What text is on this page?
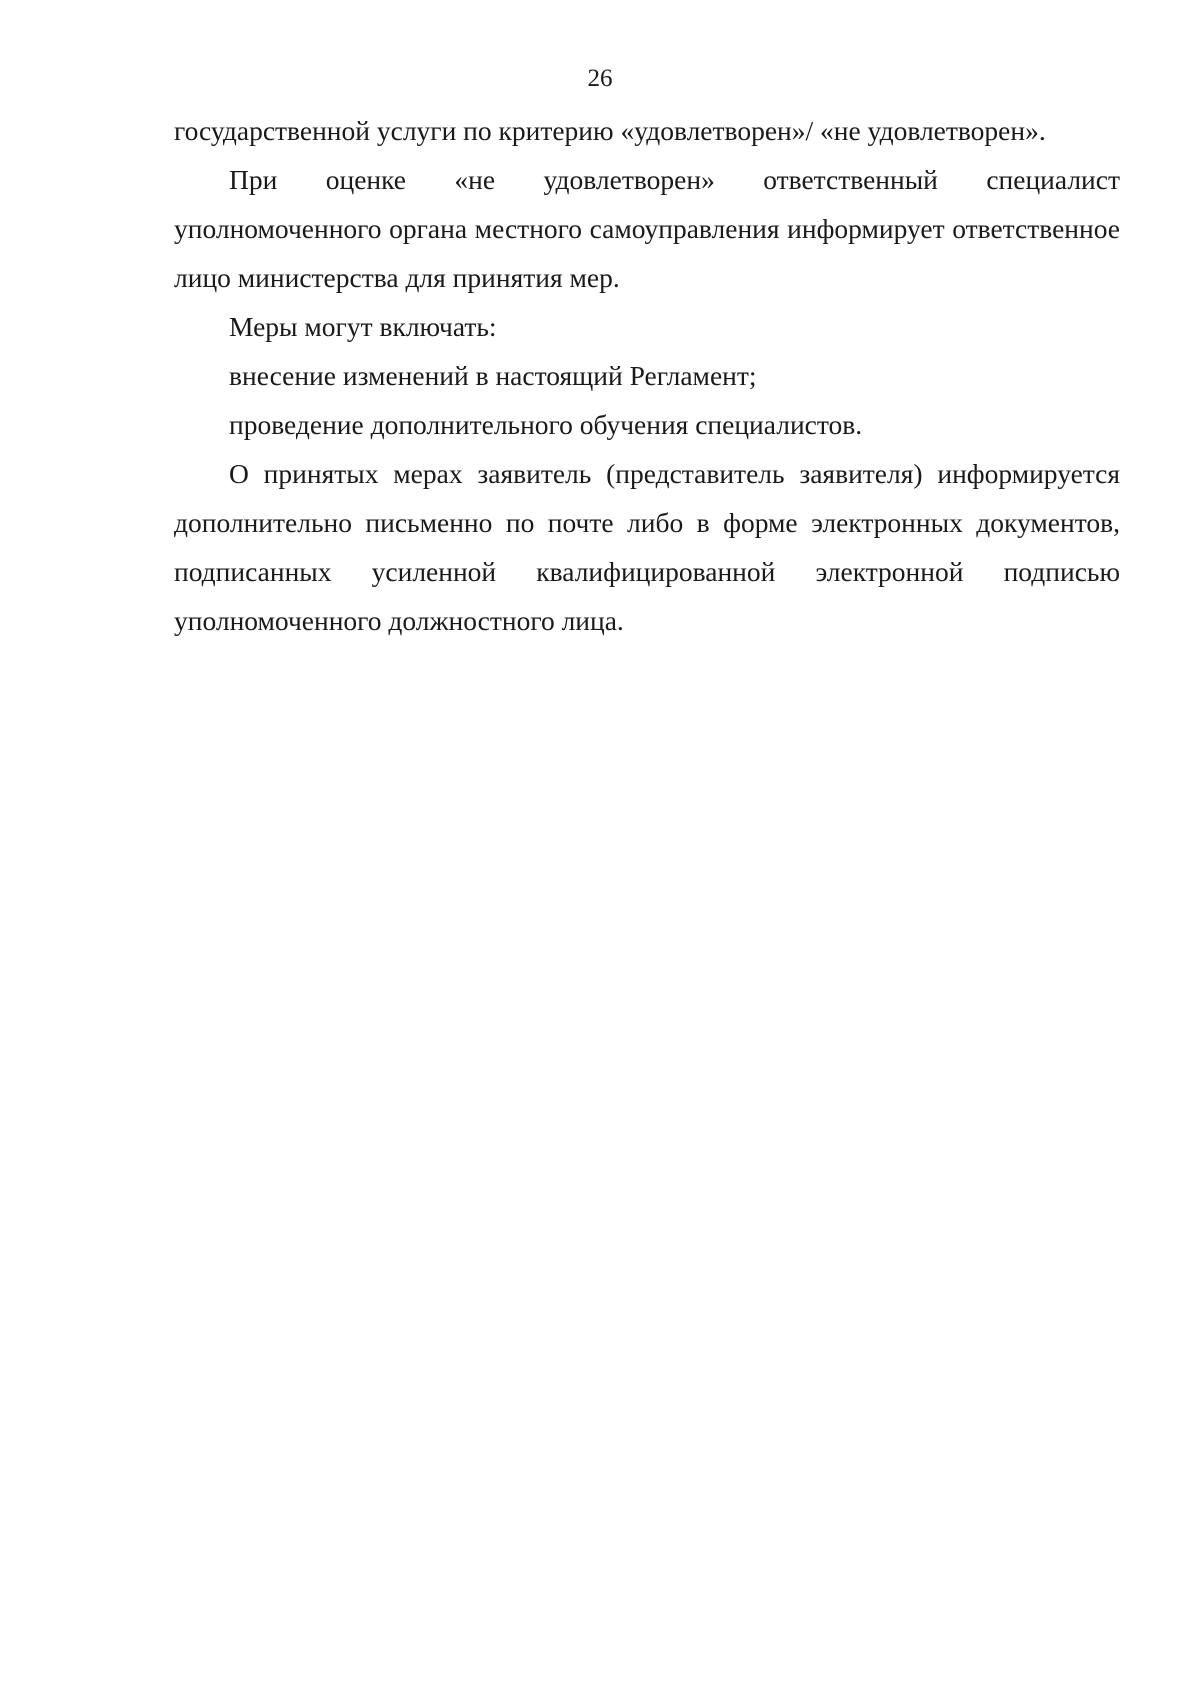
26

государственной услуги по критерию «удовлетворен»/ «не удовлетворен».

При оценке «не удовлетворен» ответственный специалист уполномоченного органа местного самоуправления информирует ответственное лицо министерства для принятия мер.

Меры могут включать:

внесение изменений в настоящий Регламент;

проведение дополнительного обучения специалистов.

О принятых мерах заявитель (представитель заявителя) информируется дополнительно письменно по почте либо в форме электронных документов, подписанных усиленной квалифицированной электронной подписью уполномоченного должностного лица.
